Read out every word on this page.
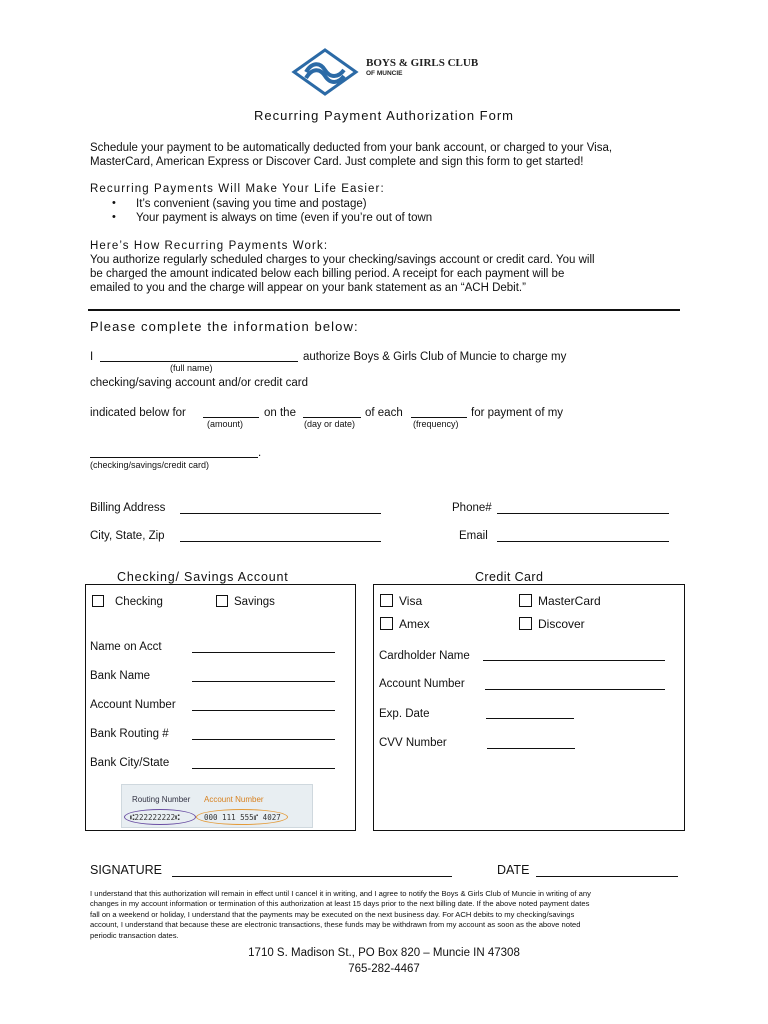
BOYS & GIRLS CLUB
OF MUNCIE
Recurring Payment Authorization Form
Schedule your payment to be automatically deducted from your bank account, or charged to your Visa,
MasterCard, American Express or Discover Card. Just complete and sign this form to get started!
Recurring Payments Will Make Your Life Easier:
• It’s convenient (saving you time and postage)
• Your payment is always on time (even if you’re out of town
Here’s How Recurring Payments Work:
You authorize regularly scheduled charges to your checking/savings account or credit card. You will
be charged the amount indicated below each billing period. A receipt for each payment will be
emailed to you and the charge will appear on your bank statement as an “ACH Debit.”
Please complete the information below:
I	authorize Boys & Girls Club of Muncie to charge my
(full name)
checking/saving account and/or credit card
indicated below for	on the	of each	for payment of my
(amount)	(day or date)	(frequency)
.
(checking/savings/credit card)
Billing Address	Phone#
City, State, Zip	Email
Checking/ Savings Account
Checking	Savings
Name on Acct
Bank Name
Account Number
Bank Routing #
Bank City/State
Routing Number Account Number
⑆222222222⑆	000 111 555⑈ 4027
Credit Card
Visa	MasterCard
Amex	Discover
Cardholder Name
Account Number
Exp. Date
CVV Number
SIGNATURE	DATE
I understand that this authorization will remain in effect until I cancel it in writing, and I agree to notify the Boys & Girls Club of Muncie in writing of any
changes in my account information or termination of this authorization at least 15 days prior to the next billing date. If the above noted payment dates
fall on a weekend or holiday, I understand that the payments may be executed on the next business day. For ACH debits to my checking/savings
account, I understand that because these are electronic transactions, these funds may be withdrawn from my account as soon as the above noted
periodic transaction dates.
1710 S. Madison St., PO Box 820 – Muncie IN 47308
765-282-4467
